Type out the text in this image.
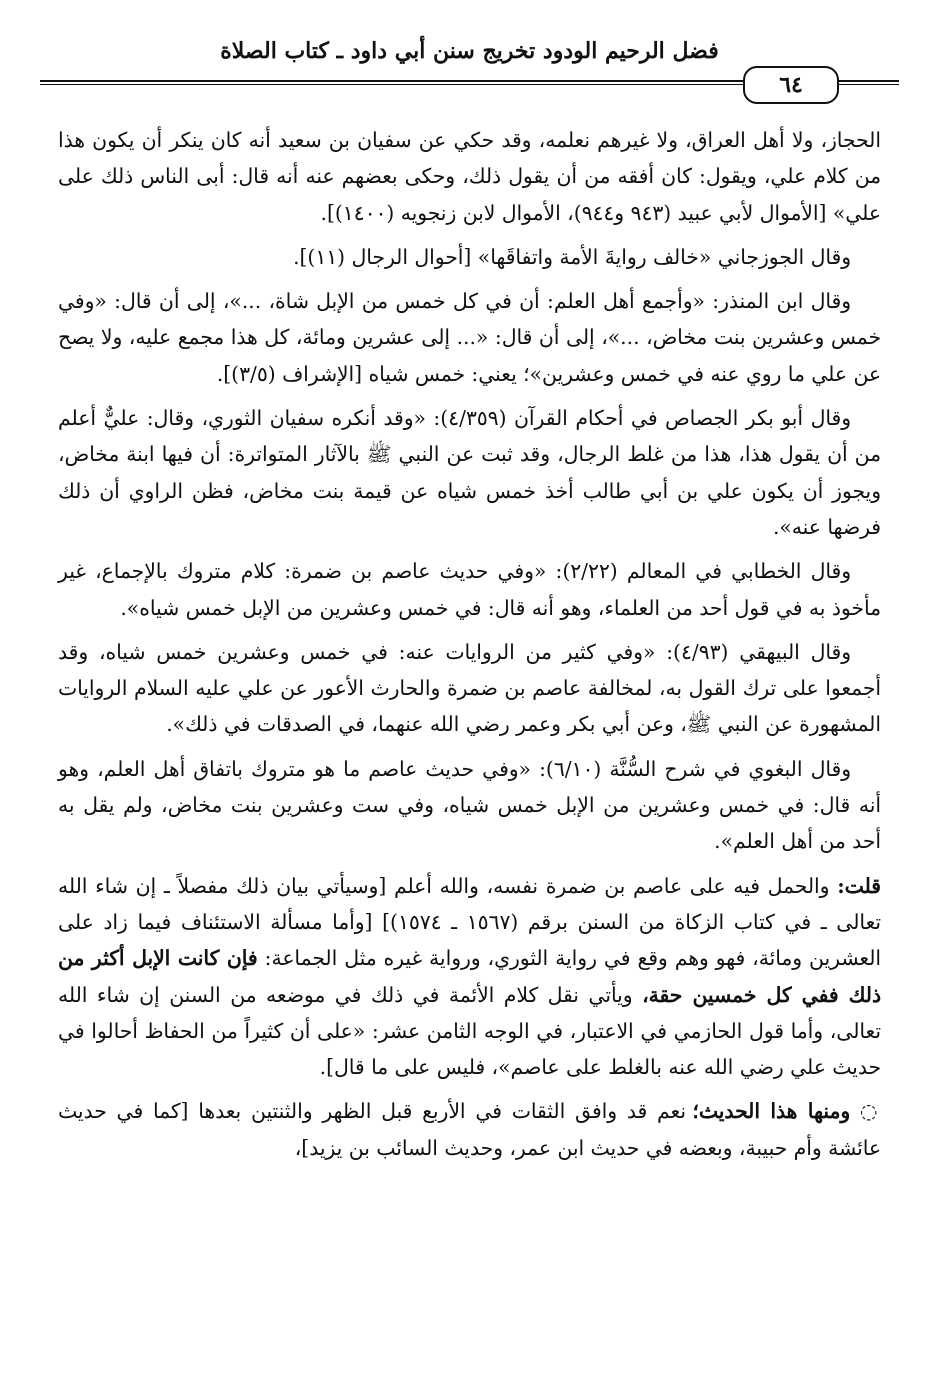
فضل الرحيم الودود تخريج سنن أبي داود ـ كتاب الصلاة
٦٤

الحجاز، ولا أهل العراق، ولا غيرهم نعلمه، وقد حكي عن سفيان بن سعيد أنه كان ينكر أن يكون هذا من كلام علي، ويقول: كان أفقه من أن يقول ذلك، وحكى بعضهم عنه أنه قال: أبى الناس ذلك على علي» [الأموال لأبي عبيد (٩٤٣ و٩٤٤)، الأموال لابن زنجويه (١٤٠٠)].

وقال الجوزجاني «خالف روايةَ الأمة واتفاقَها» [أحوال الرجال (١١)].

وقال ابن المنذر: «وأجمع أهل العلم: أن في كل خمس من الإبل شاة، ...»، إلى أن قال: «وفي خمس وعشرين بنت مخاض، ...»، إلى أن قال: «... إلى عشرين ومائة، كل هذا مجمع عليه، ولا يصح عن علي ما روي عنه في خمس وعشرين»؛ يعني: خمس شياه [الإشراف (٣/٥)].

وقال أبو بكر الجصاص في أحكام القرآن (٤/٣٥٩): «وقد أنكره سفيان الثوري، وقال: عليٌّ أعلم من أن يقول هذا، هذا من غلط الرجال، وقد ثبت عن النبي ﷺ بالآثار المتواترة: أن فيها ابنة مخاض، ويجوز أن يكون علي بن أبي طالب أخذ خمس شياه عن قيمة بنت مخاض، فظن الراوي أن ذلك فرضها عنه».

وقال الخطابي في المعالم (٢/٢٢): «وفي حديث عاصم بن ضمرة: كلام متروك بالإجماع، غير مأخوذ به في قول أحد من العلماء، وهو أنه قال: في خمس وعشرين من الإبل خمس شياه».

وقال البيهقي (٤/٩٣): «وفي كثير من الروايات عنه: في خمس وعشرين خمس شياه، وقد أجمعوا على ترك القول به، لمخالفة عاصم بن ضمرة والحارث الأعور عن علي عليه السلام الروايات المشهورة عن النبي ﷺ، وعن أبي بكر وعمر رضي الله عنهما، في الصدقات في ذلك».

وقال البغوي في شرح السُّنَّة (٦/١٠): «وفي حديث عاصم ما هو متروك باتفاق أهل العلم، وهو أنه قال: في خمس وعشرين من الإبل خمس شياه، وفي ست وعشرين بنت مخاض، ولم يقل به أحد من أهل العلم».

قلت: والحمل فيه على عاصم بن ضمرة نفسه، والله أعلم [وسيأتي بيان ذلك مفصلاً ـ إن شاء الله تعالى ـ في كتاب الزكاة من السنن برقم (١٥٦٧ ـ ١٥٧٤)] [وأما مسألة الاستئناف فيما زاد على العشرين ومائة، فهو وهم وقع في رواية الثوري، ورواية غيره مثل الجماعة: فإن كانت الإبل أكثر من ذلك ففي كل خمسين حقة، ويأتي نقل كلام الأئمة في ذلك في موضعه من السنن إن شاء الله تعالى، وأما قول الحازمي في الاعتبار، في الوجه الثامن عشر: «على أن كثيراً من الحفاظ أحالوا في حديث علي رضي الله عنه بالغلط على عاصم»، فليس على ما قال].

◌ ومنها هذا الحديث؛ نعم قد وافق الثقات في الأربع قبل الظهر والثنتين بعدها [كما في حديث عائشة وأم حبيبة، وبعضه في حديث ابن عمر، وحديث السائب بن يزيد]،
